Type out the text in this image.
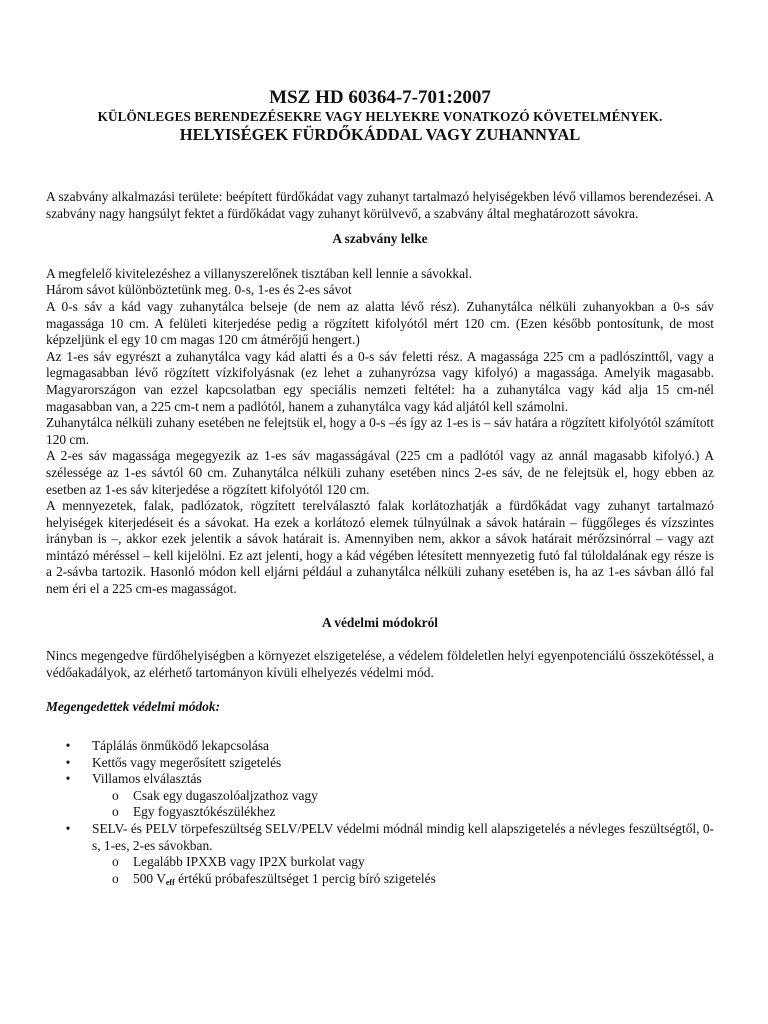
MSZ HD 60364-7-701:2007
KÜLÖNLEGES BERENDEZÉSEKRE VAGY HELYEKRE VONATKOZÓ KÖVETELMÉNYEK.
HELYISÉGEK FÜRDŐKÁDDAL VAGY ZUHANNYAL

A szabvány alkalmazási területe: beépített fürdőkádat vagy zuhanyt tartalmazó helyiségekben lévő villamos berendezései. A szabvány nagy hangsúlyt fektet a fürdőkádat vagy zuhanyt körülvevő, a szabvány által meghatározott sávokra.

A szabvány lelke

A megfelelő kivitelezéshez a villanyszerelőnek tisztában kell lennie a sávokkal.

Három sávot különböztetünk meg. 0-s, 1-es és 2-es sávot

A 0-s sáv a kád vagy zuhanytálca belseje (de nem az alatta lévő rész). Zuhanytálca nélküli zuhanyokban a 0-s sáv magassága 10 cm. A felületi kiterjedése pedig a rögzített kifolyótól mért 120 cm. (Ezen később pontosítunk, de most képzeljünk el egy 10 cm magas 120 cm átmérőjű hengert.)

Az 1-es sáv egyrészt a zuhanytálca vagy kád alatti és a 0-s sáv feletti rész. A magassága 225 cm a padlószinttől, vagy a legmagasabban lévő rögzített vízkifolyásnak (ez lehet a zuhanyrózsa vagy kifolyó) a magassága. Amelyik magasabb. Magyarországon van ezzel kapcsolatban egy speciális nemzeti feltétel: ha a zuhanytálca vagy kád alja 15 cm-nél magasabban van, a 225 cm-t nem a padlótól, hanem a zuhanytálca vagy kád aljától kell számolni.

Zuhanytálca nélküli zuhany esetében ne felejtsük el, hogy a 0-s –és így az 1-es is – sáv határa a rögzített kifolyótól számított 120 cm.

A 2-es sáv magassága megegyezik az 1-es sáv magasságával (225 cm a padlótól vagy az annál magasabb kifolyó.) A szélessége az 1-es sávtól 60 cm. Zuhanytálca nélküli zuhany esetében nincs 2-es sáv, de ne felejtsük el, hogy ebben az esetben az 1-es sáv kiterjedése a rögzített kifolyótól 120 cm.

A mennyezetek, falak, padlózatok, rögzített terelválasztó falak korlátozhatják a fürdőkádat vagy zuhanyt tartalmazó helyiségek kiterjedéseit és a sávokat. Ha ezek a korlátozó elemek túlnyúlnak a sávok határain – függőleges és vízszintes irányban is –, akkor ezek jelentik a sávok határait is. Amennyiben nem, akkor a sávok határait mérőzsinórral – vagy azt mintázó méréssel – kell kijelölni. Ez azt jelenti, hogy a kád végében létesített mennyezetig futó fal túloldalának egy része is a 2-sávba tartozik. Hasonló módon kell eljárni például a zuhanytálca nélküli zuhany esetében is, ha az 1-es sávban álló fal nem éri el a 225 cm-es magasságot.

A védelmi módokról

Nincs megengedve fürdőhelyiségben a környezet elszigetelése, a védelem földeletlen helyi egyenpotenciálú összekötéssel, a védőakadályok, az elérhető tartományon kívüli elhelyezés védelmi mód.

Megengedettek védelmi módok:
• Táplálás önműködő lekapcsolása
• Kettős vagy megerősített szigetelés
• Villamos elválasztás
o Csak egy dugaszolóaljzathoz vagy
o Egy fogyasztókészülékhez
• SELV- és PELV törpefeszültség SELV/PELV védelmi módnál mindig kell alapszigetelés a névleges feszültségtől, 0-s, 1-es, 2-es sávokban.
o Legalább IPXXB vagy IP2X burkolat vagy
o 500 $V_{eff}$ értékű próbafeszültséget 1 percig bíró szigetelés
